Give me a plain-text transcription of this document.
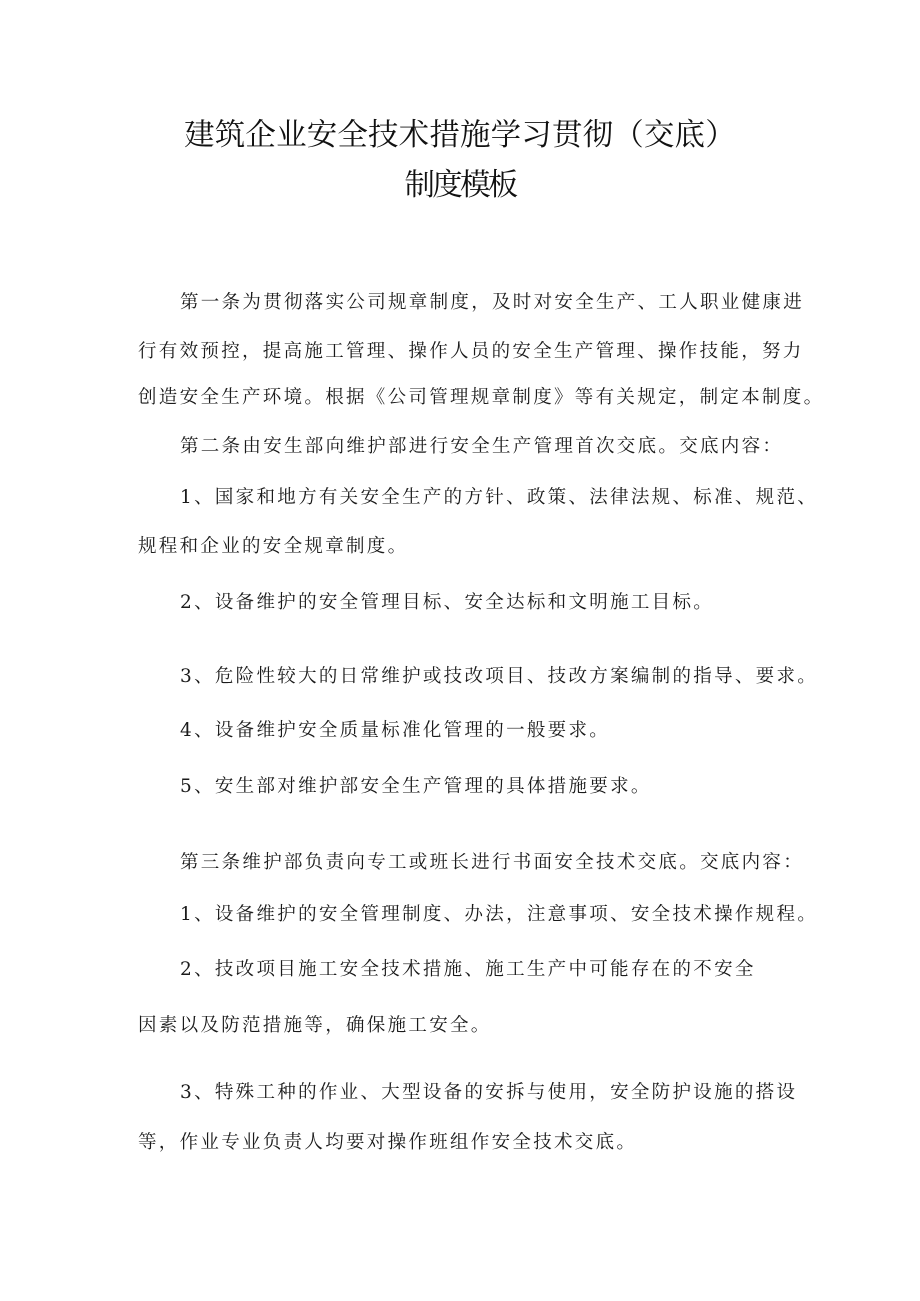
建筑企业安全技术措施学习贯彻（交底）
制度模板
第一条为贯彻落实公司规章制度，及时对安全生产、工人职业健康进
行有效预控，提高施工管理、操作人员的安全生产管理、操作技能，努力
创造安全生产环境。根据《公司管理规章制度》等有关规定，制定本制度。
第二条由安生部向维护部进行安全生产管理首次交底。交底内容：
1、国家和地方有关安全生产的方针、政策、法律法规、标准、规范、
规程和企业的安全规章制度。
2、设备维护的安全管理目标、安全达标和文明施工目标。
3、危险性较大的日常维护或技改项目、技改方案编制的指导、要求。
4、设备维护安全质量标准化管理的一般要求。
5、安生部对维护部安全生产管理的具体措施要求。
第三条维护部负责向专工或班长进行书面安全技术交底。交底内容：
1、设备维护的安全管理制度、办法，注意事项、安全技术操作规程。
2、技改项目施工安全技术措施、施工生产中可能存在的不安全
因素以及防范措施等，确保施工安全。
3、特殊工种的作业、大型设备的安拆与使用，安全防护设施的搭设
等，作业专业负责人均要对操作班组作安全技术交底。
